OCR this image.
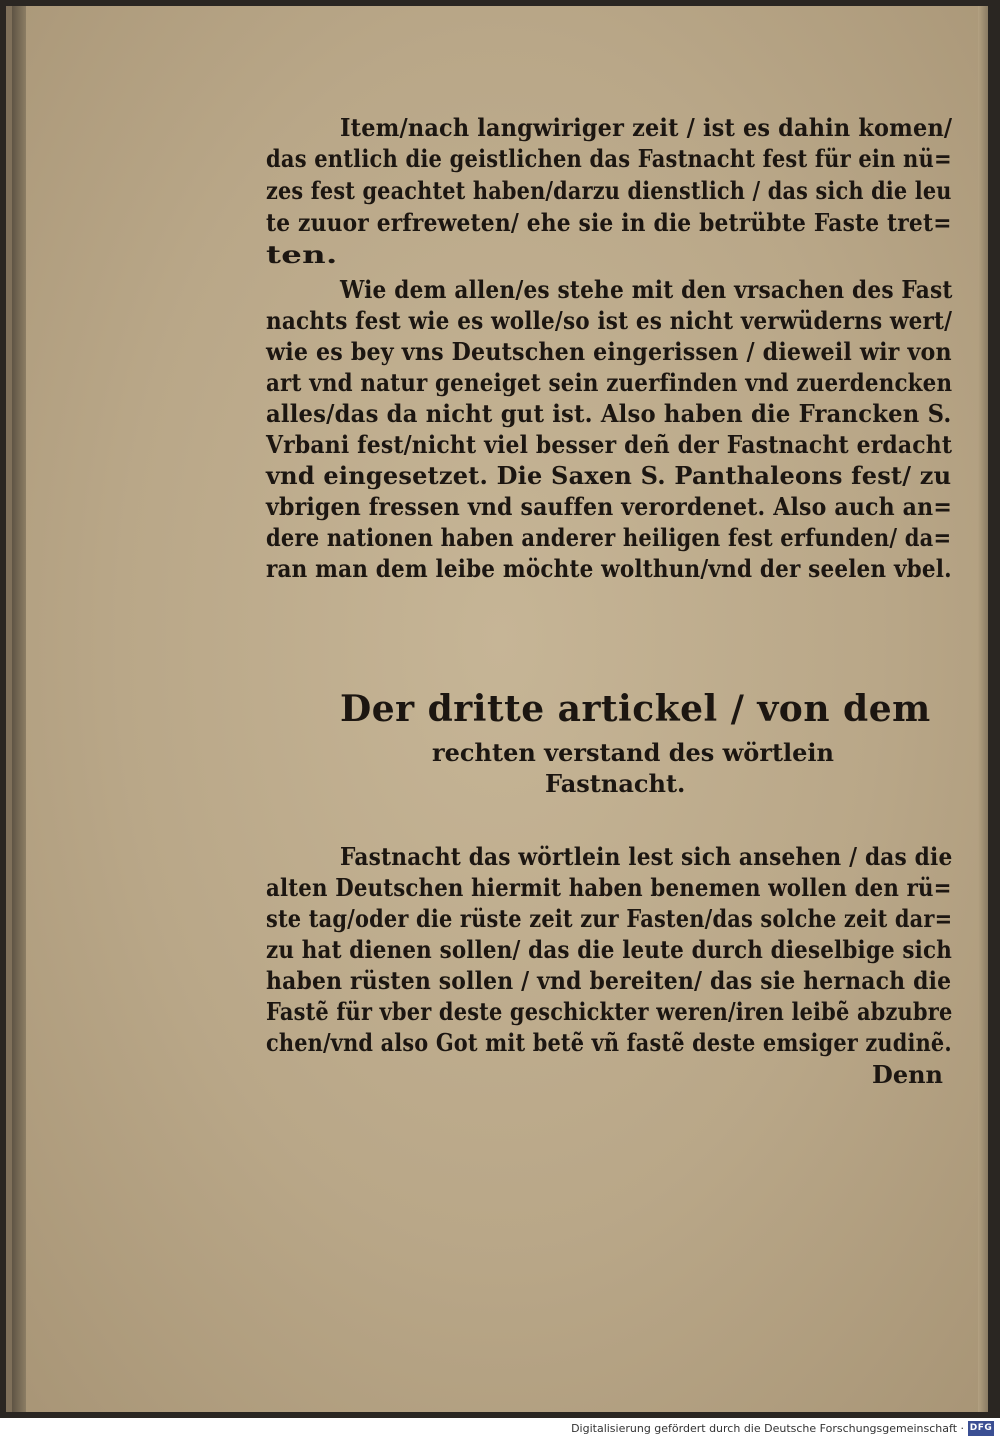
Item/nach langwiriger zeit / ist es dahin komen/
das entlich die geistlichen das Fastnacht fest für ein nü=
zes fest geachtet haben/darzu dienstlich / das sich die leu
te zuuor erfreweten/ ehe sie in die betrübte Faste tret=
ten.
Wie dem allen/es stehe mit den vrsachen des Fast
nachts fest wie es wolle/so ist es nicht verwüderns wert/
wie es bey vns Deutschen eingerissen / dieweil wir von
art vnd natur geneiget sein zuerfinden vnd zuerdencken
alles/das da nicht gut ist. Also haben die Francken S.
Vrbani fest/nicht viel besser deñ der Fastnacht erdacht
vnd eingesetzet. Die Saxen S. Panthaleons fest/ zu
vbrigen fressen vnd sauffen verordenet. Also auch an=
dere nationen haben anderer heiligen fest erfunden/ da=
ran man dem leibe möchte wolthun/vnd der seelen vbel.
Der dritte artickel / von dem
rechten verstand des wörtlein
Fastnacht.
Fastnacht das wörtlein lest sich ansehen / das die
alten Deutschen hiermit haben benemen wollen den rü=
ste tag/oder die rüste zeit zur Fasten/das solche zeit dar=
zu hat dienen sollen/ das die leute durch dieselbige sich
haben rüsten sollen / vnd bereiten/ das sie hernach die
Fastẽ für vber deste geschickter weren/iren leibẽ abzubre
chen/vnd also Got mit betẽ vñ fastẽ deste emsiger zudinẽ.
Denn
Digitalisierung gefördert durch die Deutsche Forschungsgemeinschaft · DFG
